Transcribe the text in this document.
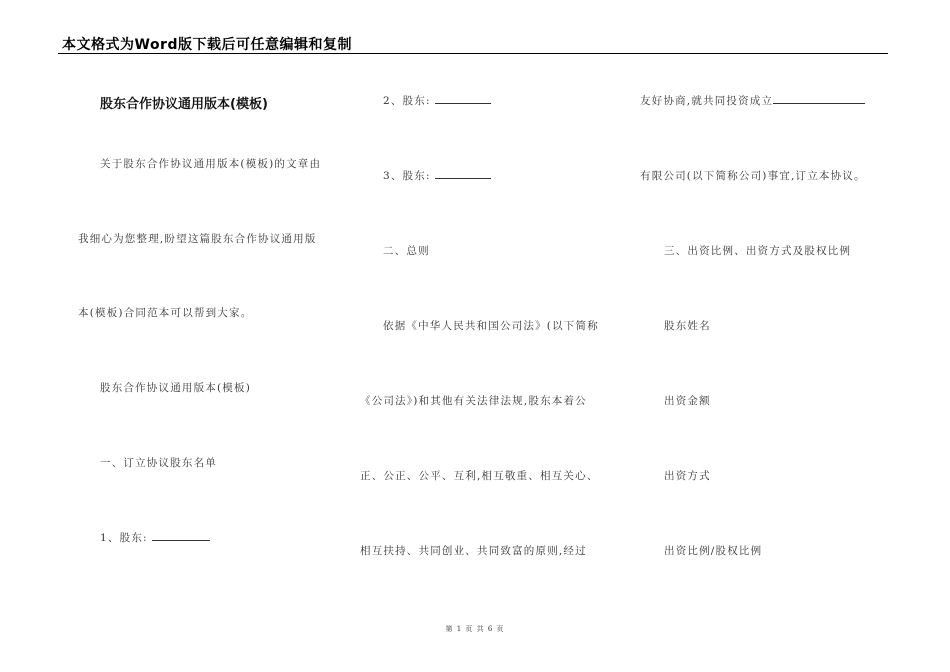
本文格式为Word版下载后可任意编辑和复制
股东合作协议通用版本(模板)
关于股东合作协议通用版本(模板)的文章由
我细心为您整理,盼望这篇股东合作协议通用版
本(模板)合同范本可以帮到大家。
股东合作协议通用版本(模板)
一、订立协议股东名单
1、股东:
2、股东:
3、股东:
二、总则
依据《中华人民共和国公司法》(以下简称
《公司法》)和其他有关法律法规,股东本着公
正、公正、公平、互利,相互敬重、相互关心、
相互扶持、共同创业、共同致富的原则,经过
友好协商,就共同投资成立
有限公司(以下简称公司)事宜,订立本协议。
三、出资比例、出资方式及股权比例
股东姓名
出资金额
出资方式
出资比例/股权比例
第 1 页 共 6 页
